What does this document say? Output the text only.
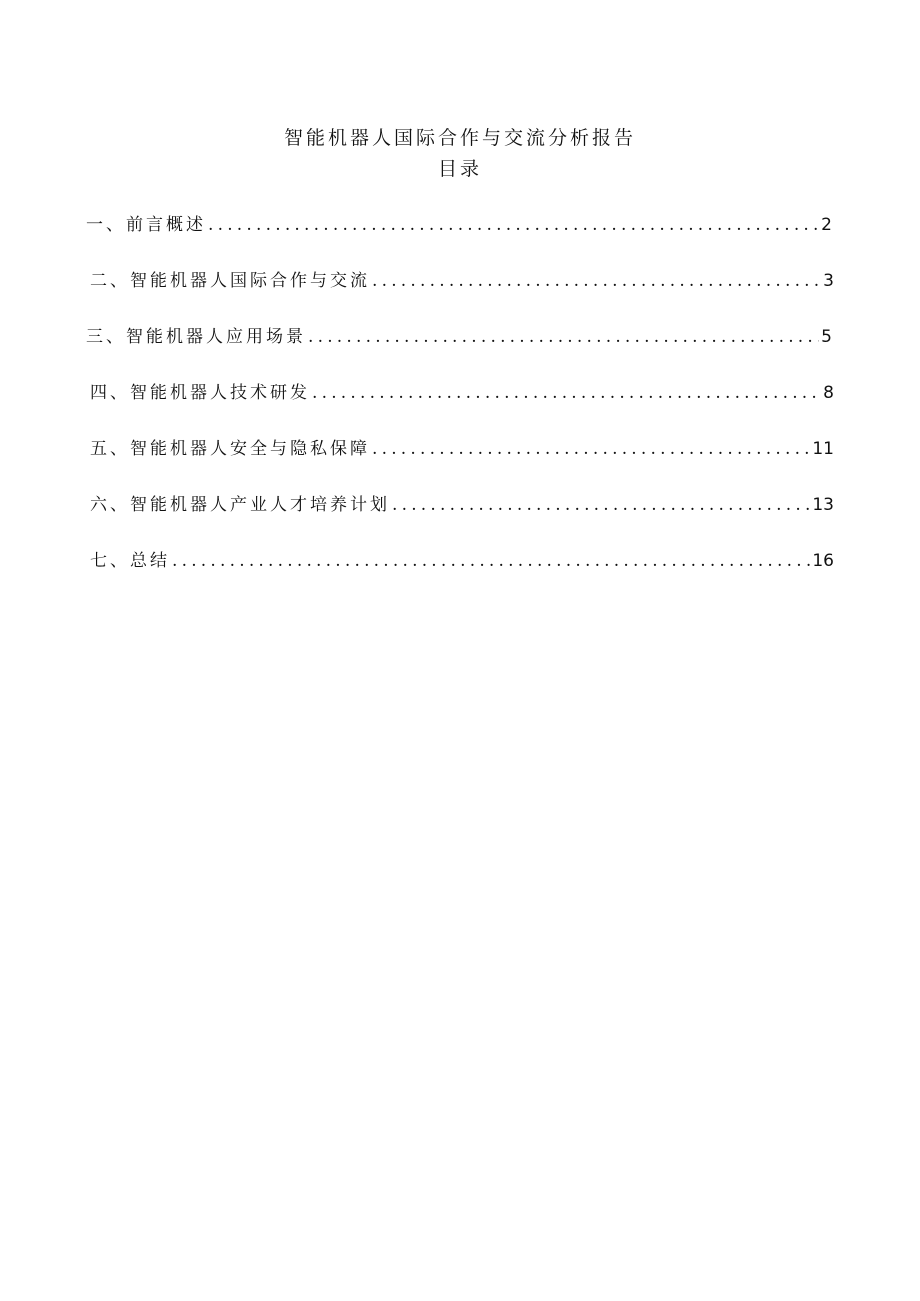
智能机器人国际合作与交流分析报告
目录
一、前言概述 .....	2
二、智能机器人国际合作与交流 .....	3
三、智能机器人应用场景 .....	5
四、智能机器人技术研发 .....	8
五、智能机器人安全与隐私保障 .....	11
六、智能机器人产业人才培养计划 .....	13
七、总结 .....	16
